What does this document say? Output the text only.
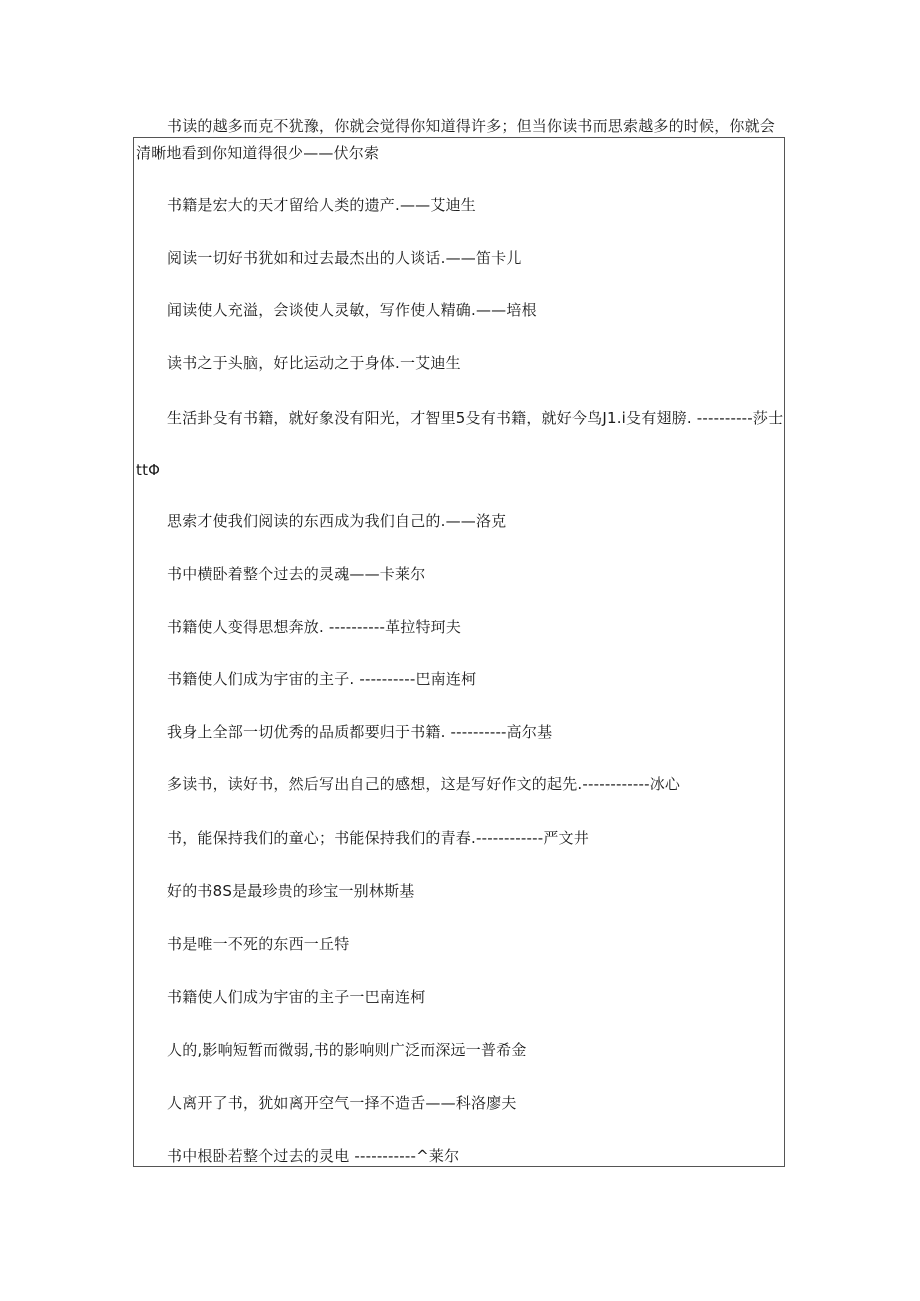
书读的越多而克不犹豫，你就会觉得你知道得许多；但当你读书而思索越多的时候，你就会
清晰地看到你知道得很少——伏尔索
书籍是宏大的天才留给人类的遗产.——艾迪生
阅读一切好书犹如和过去最杰出的人谈话.——笛卡儿
闻读使人充溢，会谈使人灵敏，写作使人精确.——培根
读书之于头脑，好比运动之于身体.一艾迪生
生活卦殳有书籍，就好象没有阳光，才智里5殳有书籍，就好今鸟J1.i殳有翅膀. ----------莎士
ttΦ
思索才使我们阅读的东西成为我们自己的.——洛克
书中横卧着整个过去的灵魂——卡莱尔
书籍使人变得思想奔放. ----------革拉特珂夫
书籍使人们成为宇宙的主子. ----------巴南连柯
我身上全部一切优秀的品质都要归于书籍. ----------高尔基
多读书，读好书，然后写出自己的感想，这是写好作文的起先.------------冰心
书，能保持我们的童心；书能保持我们的青春.------------严文井
好的书8S是最珍贵的珍宝一别林斯基
书是唯一不死的东西一丘特
书籍使人们成为宇宙的主子一巴南连柯
人的,影响短暂而微弱,书的影响则广泛而深远一普希金
人离开了书，犹如离开空气一择不造舌——科洛廖夫
书中根卧若整个过去的灵电 -----------^莱尔
